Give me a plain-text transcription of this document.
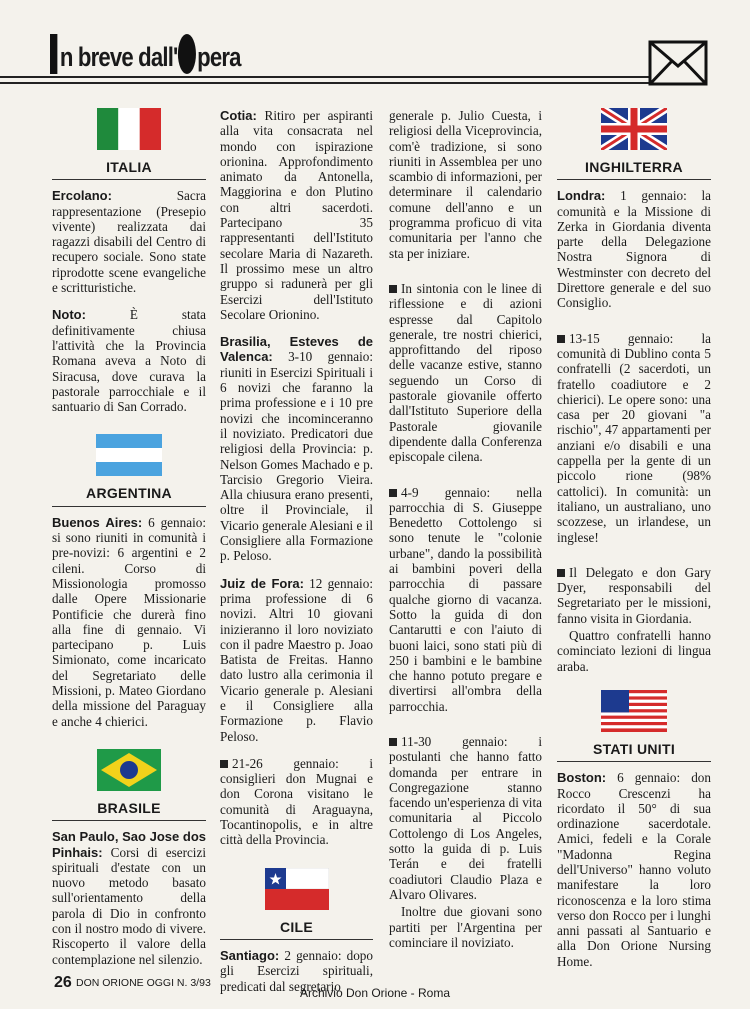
n breve dall' pera
ITALIA

Ercolano: Sacra rappresentazione (Presepio vivente) realizzata dai ragazzi disabili del Centro di recupero sociale. Sono state riprodotte scene evangeliche e scritturistiche.

Noto: È stata definitivamente chiusa l'attività che la Provincia Romana aveva a Noto di Siracusa, dove curava la pastorale parrocchiale e il santuario di San Corrado.

ARGENTINA

Buenos Aires: 6 gennaio: si sono riuniti in comunità i pre-novizi: 6 argentini e 2 cileni. Corso di Missionologia promosso dalle Opere Missionarie Pontificie che durerà fino alla fine di gennaio. Vi partecipano p. Luis Simionato, come incaricato del Segretariato delle Missioni, p. Mateo Giordano della missione del Paraguay e anche 4 chierici.

BRASILE

San Paulo, Sao Jose dos Pinhais: Corsi di esercizi spirituali d'estate con un nuovo metodo basato sull'orientamento della parola di Dio in confronto con il nostro modo di vivere. Riscoperto il valore della contemplazione nel silenzio.

Cotia: Ritiro per aspiranti alla vita consacrata nel mondo con ispirazione orionina. Approfondimento animato da Antonella, Maggiorina e don Plutino con altri sacerdoti. Partecipano 35 rappresentanti dell'Istituto secolare Maria di Nazareth. Il prossimo mese un altro gruppo si radunerà per gli Esercizi dell'Istituto Secolare Orionino.

Brasilia, Esteves de Valenca: 3-10 gennaio: riuniti in Esercizi Spirituali i 6 novizi che faranno la prima professione e i 10 pre novizi che incominceranno il noviziato. Predicatori due religiosi della Provincia: p. Nelson Gomes Machado e p. Tarcisio Gregorio Vieira. Alla chiusura erano presenti, oltre il Provinciale, il Vicario generale Alesiani e il Consigliere alla Formazione p. Peloso.

Juiz de Fora: 12 gennaio: prima professione di 6 novizi. Altri 10 giovani inizieranno il loro noviziato con il padre Maestro p. Joao Batista de Freitas. Hanno dato lustro alla cerimonia il Vicario generale p. Alesiani e il Consigliere alla Formazione p. Flavio Peloso.

21-26 gennaio: i consiglieri don Mugnai e don Corona visitano le comunità di Araguayna, Tocantinopolis, e in altre città della Provincia.

CILE

Santiago: 2 gennaio: dopo gli Esercizi spirituali, predicati dal segretario

generale p. Julio Cuesta, i religiosi della Viceprovincia, com'è tradizione, si sono riuniti in Assemblea per uno scambio di informazioni, per determinare il calendario comune dell'anno e un programma proficuo di vita comunitaria per l'anno che sta per iniziare.

In sintonia con le linee di riflessione e di azioni espresse dal Capitolo generale, tre nostri chierici, approfittando del riposo delle vacanze estive, stanno seguendo un Corso di pastorale giovanile offerto dall'Istituto Superiore della Pastorale giovanile dipendente dalla Conferenza episcopale cilena.

4-9 gennaio: nella parrocchia di S. Giuseppe Benedetto Cottolengo si sono tenute le "colonie urbane", dando la possibilità ai bambini poveri della parrocchia di passare qualche giorno di vacanza. Sotto la guida di don Cantarutti e con l'aiuto di buoni laici, sono stati più di 250 i bambini e le bambine che hanno potuto pregare e divertirsi all'ombra della parrocchia.

11-30 gennaio: i postulanti che hanno fatto domanda per entrare in Congregazione stanno facendo un'esperienza di vita comunitaria al Piccolo Cottolengo di Los Angeles, sotto la guida di p. Luis Terán e dei fratelli coadiutori Claudio Plaza e Alvaro Olivares.

Inoltre due giovani sono partiti per l'Argentina per cominciare il noviziato.

INGHILTERRA

Londra: 1 gennaio: la comunità e la Missione di Zerka in Giordania diventa parte della Delegazione Nostra Signora di Westminster con decreto del Direttore generale e del suo Consiglio.

13-15 gennaio: la comunità di Dublino conta 5 confratelli (2 sacerdoti, un fratello coadiutore e 2 chierici). Le opere sono: una casa per 20 giovani "a rischio", 47 appartamenti per anziani e/o disabili e una cappella per la gente di un piccolo rione (98% cattolici). In comunità: un italiano, un australiano, uno scozzese, un irlandese, un inglese!

Il Delegato e don Gary Dyer, responsabili del Segretariato per le missioni, fanno visita in Giordania.

Quattro confratelli hanno cominciato lezioni di lingua araba.

STATI UNITI

Boston: 6 gennaio: don Rocco Crescenzi ha ricordato il 50° di sua ordinazione sacerdotale. Amici, fedeli e la Corale "Madonna Regina dell'Universo" hanno voluto manifestare la loro riconoscenza e la loro stima verso don Rocco per i lunghi anni passati al Santuario e alla Don Orione Nursing Home.

26 DON ORIONE OGGI N. 3/93
Archivio Don Orione - Roma
